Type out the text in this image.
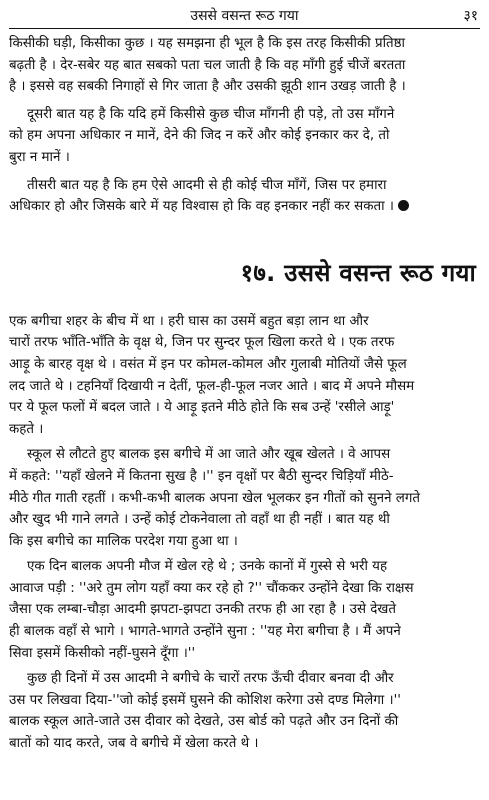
उससे वसन्त रूठ गया	३१

किसीकी घड़ी, किसीका कुछ । यह समझना ही भूल है कि इस तरह किसीकी प्रतिष्ठा
बढ़ती है । देर-सबेर यह बात सबको पता चल जाती है कि वह माँगी हुई चीजें बरतता
है । इससे वह सबकी निगाहों से गिर जाता है और उसकी झूठी शान उखड़ जाती है ।

दूसरी बात यह है कि यदि हमें किसीसे कुछ चीज माँगनी ही पड़े, तो उस माँगने
को हम अपना अधिकार न मानें, देने की जिद न करें और कोई इनकार कर दे, तो
बुरा न मानें ।

तीसरी बात यह है कि हम ऐसे आदमी से ही कोई चीज माँगें, जिस पर हमारा
अधिकार हो और जिसके बारे में यह विश्वास हो कि वह इनकार नहीं कर सकता ।

१७. उससे वसन्त रूठ गया

एक बगीचा शहर के बीच में था । हरी घास का उसमें बहुत बड़ा लान था और
चारों तरफ भाँति-भाँति के वृक्ष थे, जिन पर सुन्दर फूल खिला करते थे । एक तरफ
आड़ू के बारह वृक्ष थे । वसंत में इन पर कोमल-कोमल और गुलाबी मोतियों जैसे फूल
लद जाते थे । टहनियाँ दिखायी न देतीं, फूल-ही-फूल नजर आते । बाद में अपने मौसम
पर ये फूल फलों में बदल जाते । ये आड़ू इतने मीठे होते कि सब उन्हें 'रसीले आड़ू'
कहते ।

स्कूल से लौटते हुए बालक इस बगीचे में आ जाते और खूब खेलते । वे आपस
में कहते: ''यहाँ खेलने में कितना सुख है ।'' इन वृक्षों पर बैठी सुन्दर चिड़ियाँ मीठे-
मीठे गीत गाती रहतीं । कभी-कभी बालक अपना खेल भूलकर इन गीतों को सुनने लगते
और खुद भी गाने लगते । उन्हें कोई टोकनेवाला तो वहाँ था ही नहीं । बात यह थी
कि इस बगीचे का मालिक परदेश गया हुआ था ।

एक दिन बालक अपनी मौज में खेल रहे थे ; उनके कानों में गुस्से से भरी यह
आवाज पड़ी : ''अरे तुम लोग यहाँ क्या कर रहे हो ?'' चौंककर उन्होंने देखा कि राक्षस
जैसा एक लम्बा-चौड़ा आदमी झपटा-झपटा उनकी तरफ ही आ रहा है । उसे देखते
ही बालक वहाँ से भागे । भागते-भागते उन्होंने सुना : ''यह मेरा बगीचा है । मैं अपने
सिवा इसमें किसीको नहीं-घुसने दूँगा ।''

कुछ ही दिनों में उस आदमी ने बगीचे के चारों तरफ ऊँची दीवार बनवा दी और
उस पर लिखवा दिया-''जो कोई इसमें घुसने की कोशिश करेगा उसे दण्ड मिलेगा ।''
बालक स्कूल आते-जाते उस दीवार को देखते, उस बोर्ड को पढ़ते और उन दिनों की
बातों को याद करते, जब वे बगीचे में खेला करते थे ।
